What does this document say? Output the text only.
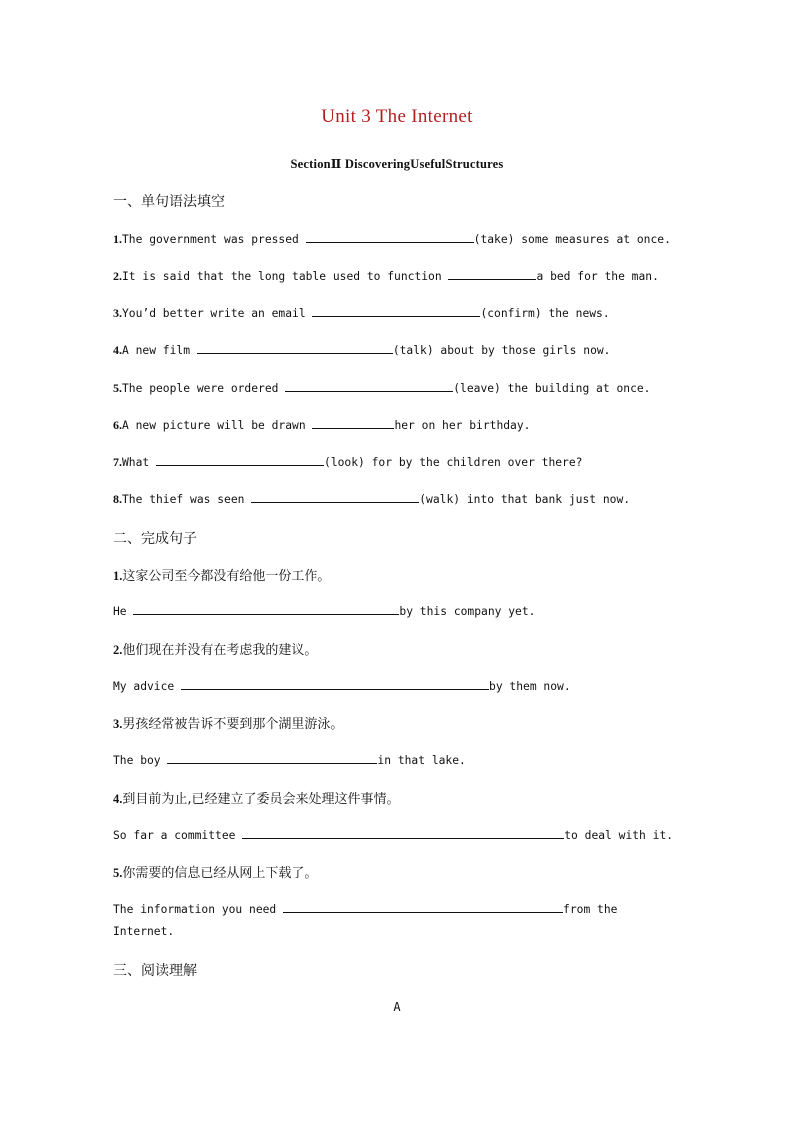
Unit 3 The Internet
SectionⅡ DiscoveringUsefulStructures
一、单句语法填空
1.The government was pressed	(take) some measures at once.
2.It is said that the long table used to function	a bed for the man.
3.You’d better write an email	(confirm) the news.
4.A new film	(talk) about by those girls now.
5.The people were ordered	(leave) the building at once.
6.A new picture will be drawn	her on her birthday.
7.What	(look) for by the children over there?
8.The thief was seen	(walk) into that bank just now.
二、完成句子
1.这家公司至今都没有给他一份工作。
He	by this company yet.
2.他们现在并没有在考虑我的建议。
My advice	by them now.
3.男孩经常被告诉不要到那个湖里游泳。
The boy	in that lake.
4.到目前为止,已经建立了委员会来处理这件事情。
So far a committee	to deal with it.
5.你需要的信息已经从网上下载了。
The information you need	from the
Internet.
三、阅读理解
A
